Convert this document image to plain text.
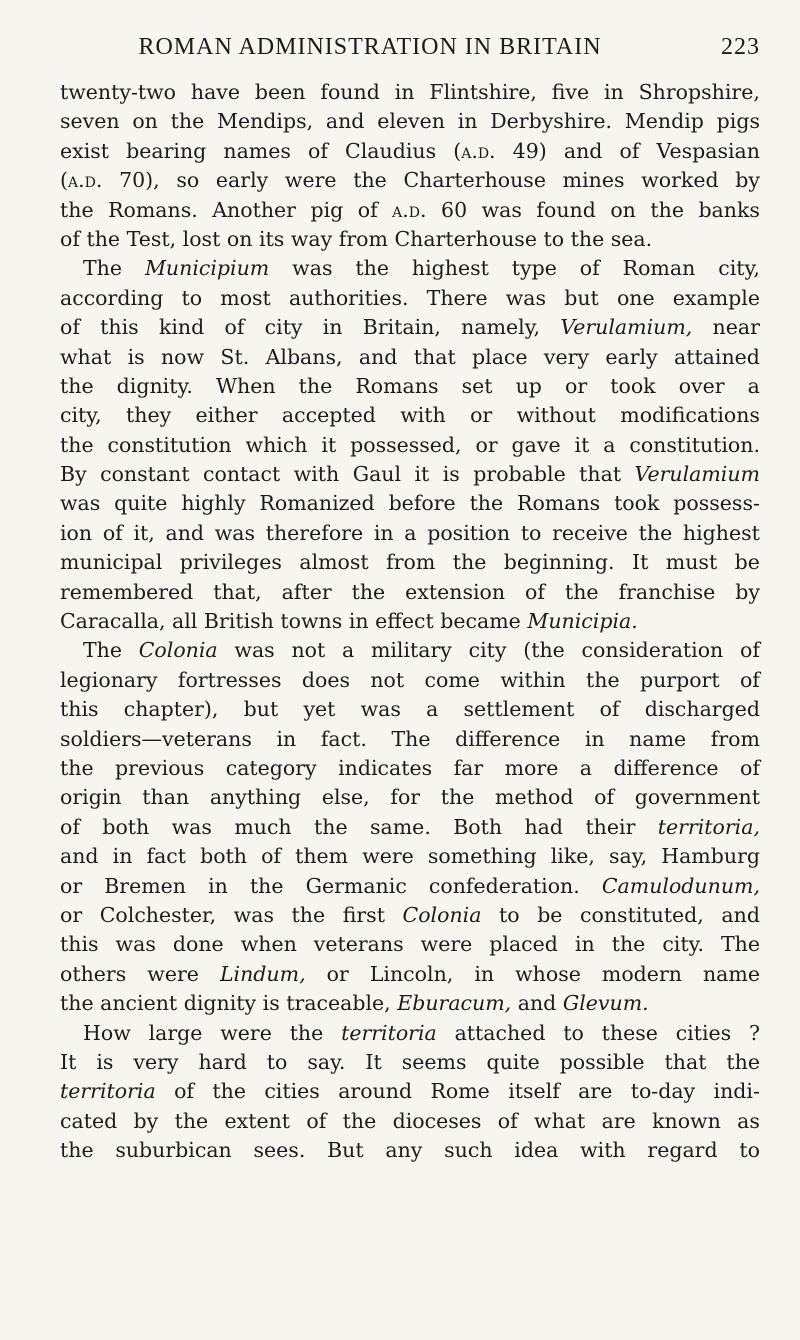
ROMAN ADMINISTRATION IN BRITAIN	223
twenty-two have been found in Flintshire, five in Shropshire,
seven on the Mendips, and eleven in Derbyshire. Mendip pigs
exist bearing names of Claudius (a.d. 49) and of Vespasian
(a.d. 70), so early were the Charterhouse mines worked by
the Romans. Another pig of a.d. 60 was found on the banks
of the Test, lost on its way from Charterhouse to the sea.
The Municipium was the highest type of Roman city,
according to most authorities. There was but one example
of this kind of city in Britain, namely, Verulamium, near
what is now St. Albans, and that place very early attained
the dignity. When the Romans set up or took over a
city, they either accepted with or without modifications
the constitution which it possessed, or gave it a constitution.
By constant contact with Gaul it is probable that Verulamium
was quite highly Romanized before the Romans took possess-
ion of it, and was therefore in a position to receive the highest
municipal privileges almost from the beginning. It must be
remembered that, after the extension of the franchise by
Caracalla, all British towns in effect became Municipia.
The Colonia was not a military city (the consideration of
legionary fortresses does not come within the purport of
this chapter), but yet was a settlement of discharged
soldiers—veterans in fact. The difference in name from
the previous category indicates far more a difference of
origin than anything else, for the method of government
of both was much the same. Both had their territoria,
and in fact both of them were something like, say, Hamburg
or Bremen in the Germanic confederation. Camulodunum,
or Colchester, was the first Colonia to be constituted, and
this was done when veterans were placed in the city. The
others were Lindum, or Lincoln, in whose modern name
the ancient dignity is traceable, Eburacum, and Glevum.
How large were the territoria attached to these cities ?
It is very hard to say. It seems quite possible that the
territoria of the cities around Rome itself are to-day indi-
cated by the extent of the dioceses of what are known as
the suburbican sees. But any such idea with regard to
